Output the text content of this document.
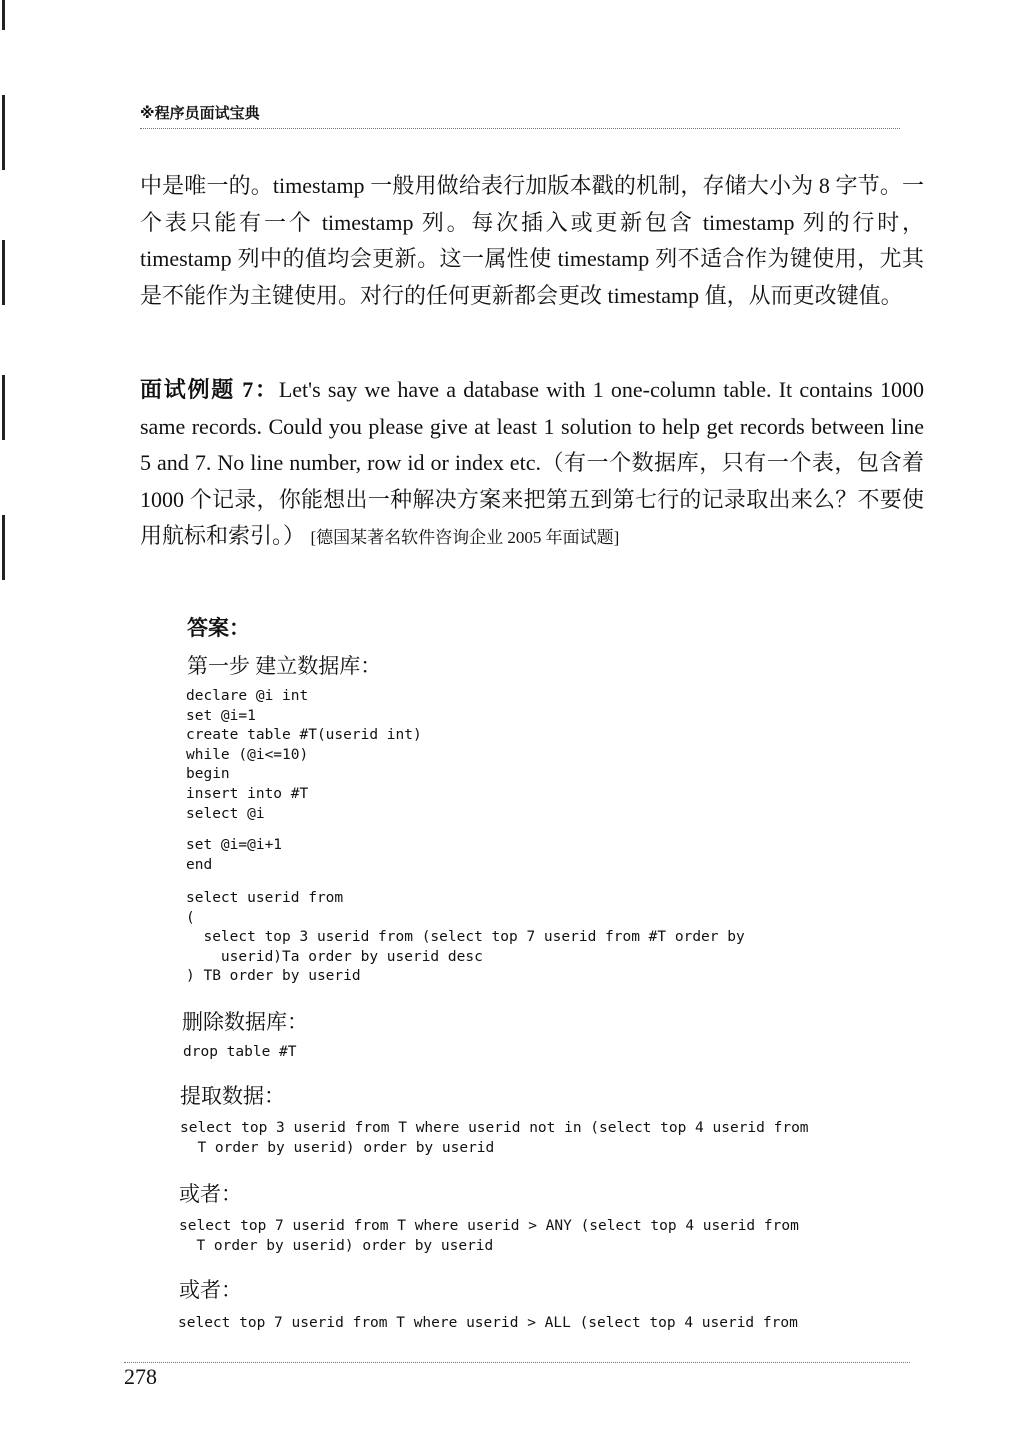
※程序员面试宝典

中是唯一的。timestamp 一般用做给表行加版本戳的机制，存储大小为 8 字节。一个表只能有一个 timestamp 列。每次插入或更新包含 timestamp 列的行时，timestamp 列中的值均会更新。这一属性使 timestamp 列不适合作为键使用，尤其是不能作为主键使用。对行的任何更新都会更改 timestamp 值，从而更改键值。

面试例题 7：Let's say we have a database with 1 one-column table. It contains 1000 same records. Could you please give at least 1 solution to help get records between line 5 and 7. No line number, row id or index etc.（有一个数据库，只有一个表，包含着 1000 个记录，你能想出一种解决方案来把第五到第七行的记录取出来么？不要使用航标和索引。） [德国某著名软件咨询企业 2005 年面试题]

答案：
第一步 建立数据库：
declare @i int
set @i=1
create table #T(userid int)
while (@i<=10)
begin
insert into #T
select @i
set @i=@i+1
end
select userid from
(
select top 3 userid from (select top 7 userid from #T order by
userid)Ta order by userid desc
) TB order by userid
删除数据库：
drop table #T
提取数据：
select top 3 userid from T where userid not in (select top 4 userid from
T order by userid) order by userid
或者：
select top 7 userid from T where userid > ANY (select top 4 userid from
T order by userid) order by userid
或者：
select top 7 userid from T where userid > ALL (select top 4 userid from
278
